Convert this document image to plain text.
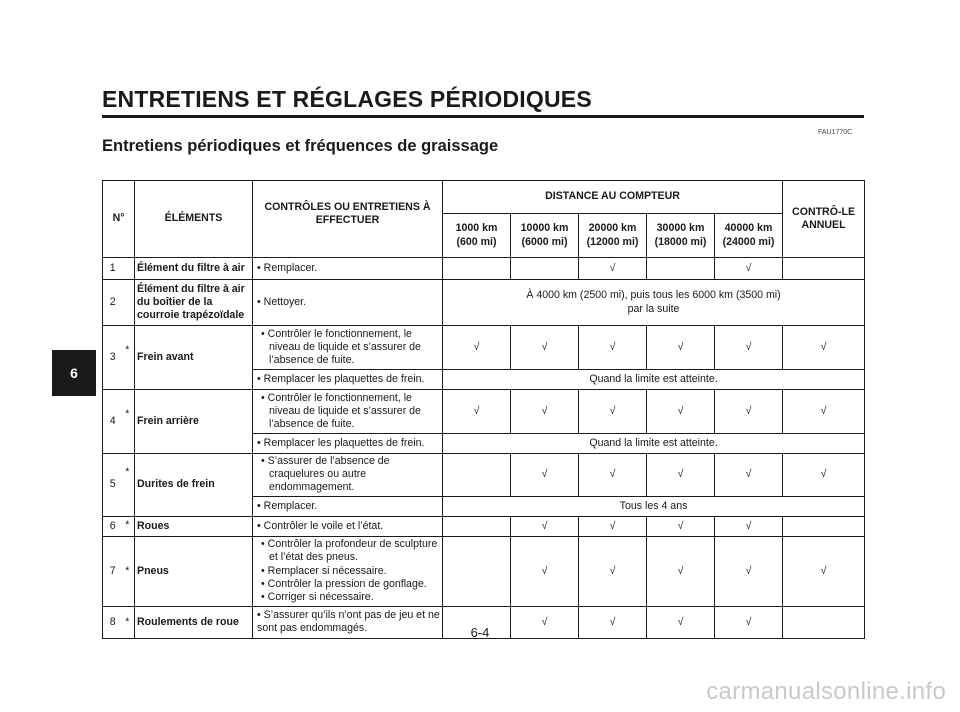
ENTRETIENS ET RÉGLAGES PÉRIODIQUES
FAU1770C
Entretiens périodiques et fréquences de graissage
6
N°		ÉLÉMENTS	CONTRÔLES OU ENTRETIENS À EFFECTUER	DISTANCE AU COMPTEUR					CONTRÔ-LE ANNUEL
				1000 km (600 mi)	10000 km (6000 mi)	20000 km (12000 mi)	30000 km (18000 mi)	40000 km (24000 mi)	
1		Élément du filtre à air	• Remplacer.			√		√	
2		Élément du filtre à air du boîtier de la courroie trapézoïdale	• Nettoyer.	À 4000 km (2500 mi), puis tous les 6000 km (3500 mi) par la suite					
3	*	Frein avant	• Contrôler le fonctionnement, le niveau de liquide et s’assurer de l’absence de fuite.	√	√	√	√	√	√
			• Remplacer les plaquettes de frein.	Quand la limite est atteinte.					
4	*	Frein arrière	• Contrôler le fonctionnement, le niveau de liquide et s’assurer de l’absence de fuite.	√	√	√	√	√	√
			• Remplacer les plaquettes de frein.	Quand la limite est atteinte.					
5	*	Durites de frein	• S’assurer de l’absence de craquelures ou autre endommagement.		√	√	√	√	√
			• Remplacer.	Tous les 4 ans					
6	*	Roues	• Contrôler le voile et l’état.		√	√	√	√	
7	*	Pneus	• Contrôler la profondeur de sculpture et l’état des pneus.
• Remplacer si nécessaire.
• Contrôler la pression de gonflage.
• Corriger si nécessaire.		√	√	√	√	√
8	*	Roulements de roue	• S’assurer qu’ils n’ont pas de jeu et ne sont pas endommagés.		√	√	√	√	
6-4
carmanualsonline.info
